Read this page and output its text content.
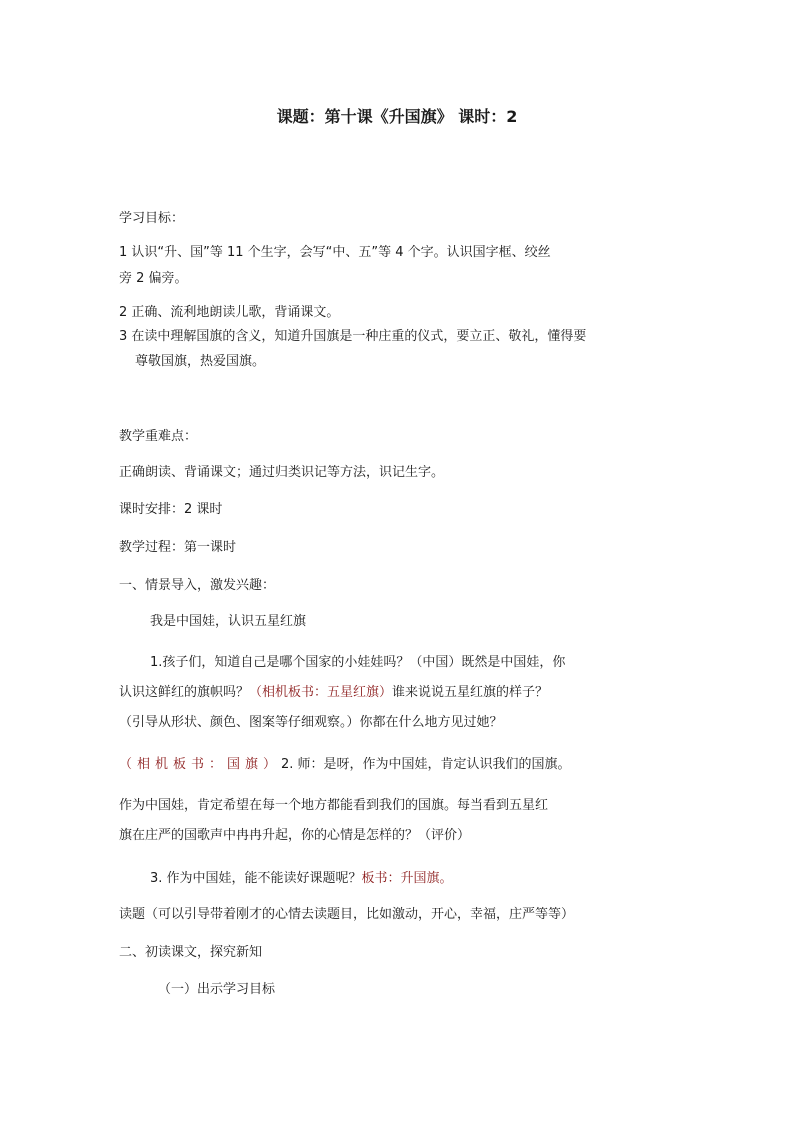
课题：第十课《升国旗》 课时：2
学习目标：
1 认识“升、国”等 11 个生字，会写“中、五”等 4 个字。认识国字框、绞丝
旁 2 偏旁。
2 正确、流利地朗读儿歌，背诵课文。
3 在读中理解国旗的含义，知道升国旗是一种庄重的仪式，要立正、敬礼，懂得要
尊敬国旗，热爱国旗。
教学重难点：
正确朗读、背诵课文；通过归类识记等方法，识记生字。
课时安排：2 课时
教学过程：第一课时
一、情景导入，激发兴趣：
我是中国娃，认识五星红旗
1.孩子们，知道自己是哪个国家的小娃娃吗？（中国）既然是中国娃，你
认识这鲜红的旗帜吗？（相机板书：五星红旗）谁来说说五星红旗的样子？
（引导从形状、颜色、图案等仔细观察。）你都在什么地方见过她？
（相机板书：国旗）2. 师：是呀，作为中国娃，肯定认识我们的国旗。
作为中国娃，肯定希望在每一个地方都能看到我们的国旗。每当看到五星红
旗在庄严的国歌声中冉冉升起，你的心情是怎样的？（评价）
3. 作为中国娃，能不能读好课题呢？板书：升国旗。
读题（可以引导带着刚才的心情去读题目，比如激动，开心，幸福，庄严等等）
二、初读课文，探究新知
（一）出示学习目标
